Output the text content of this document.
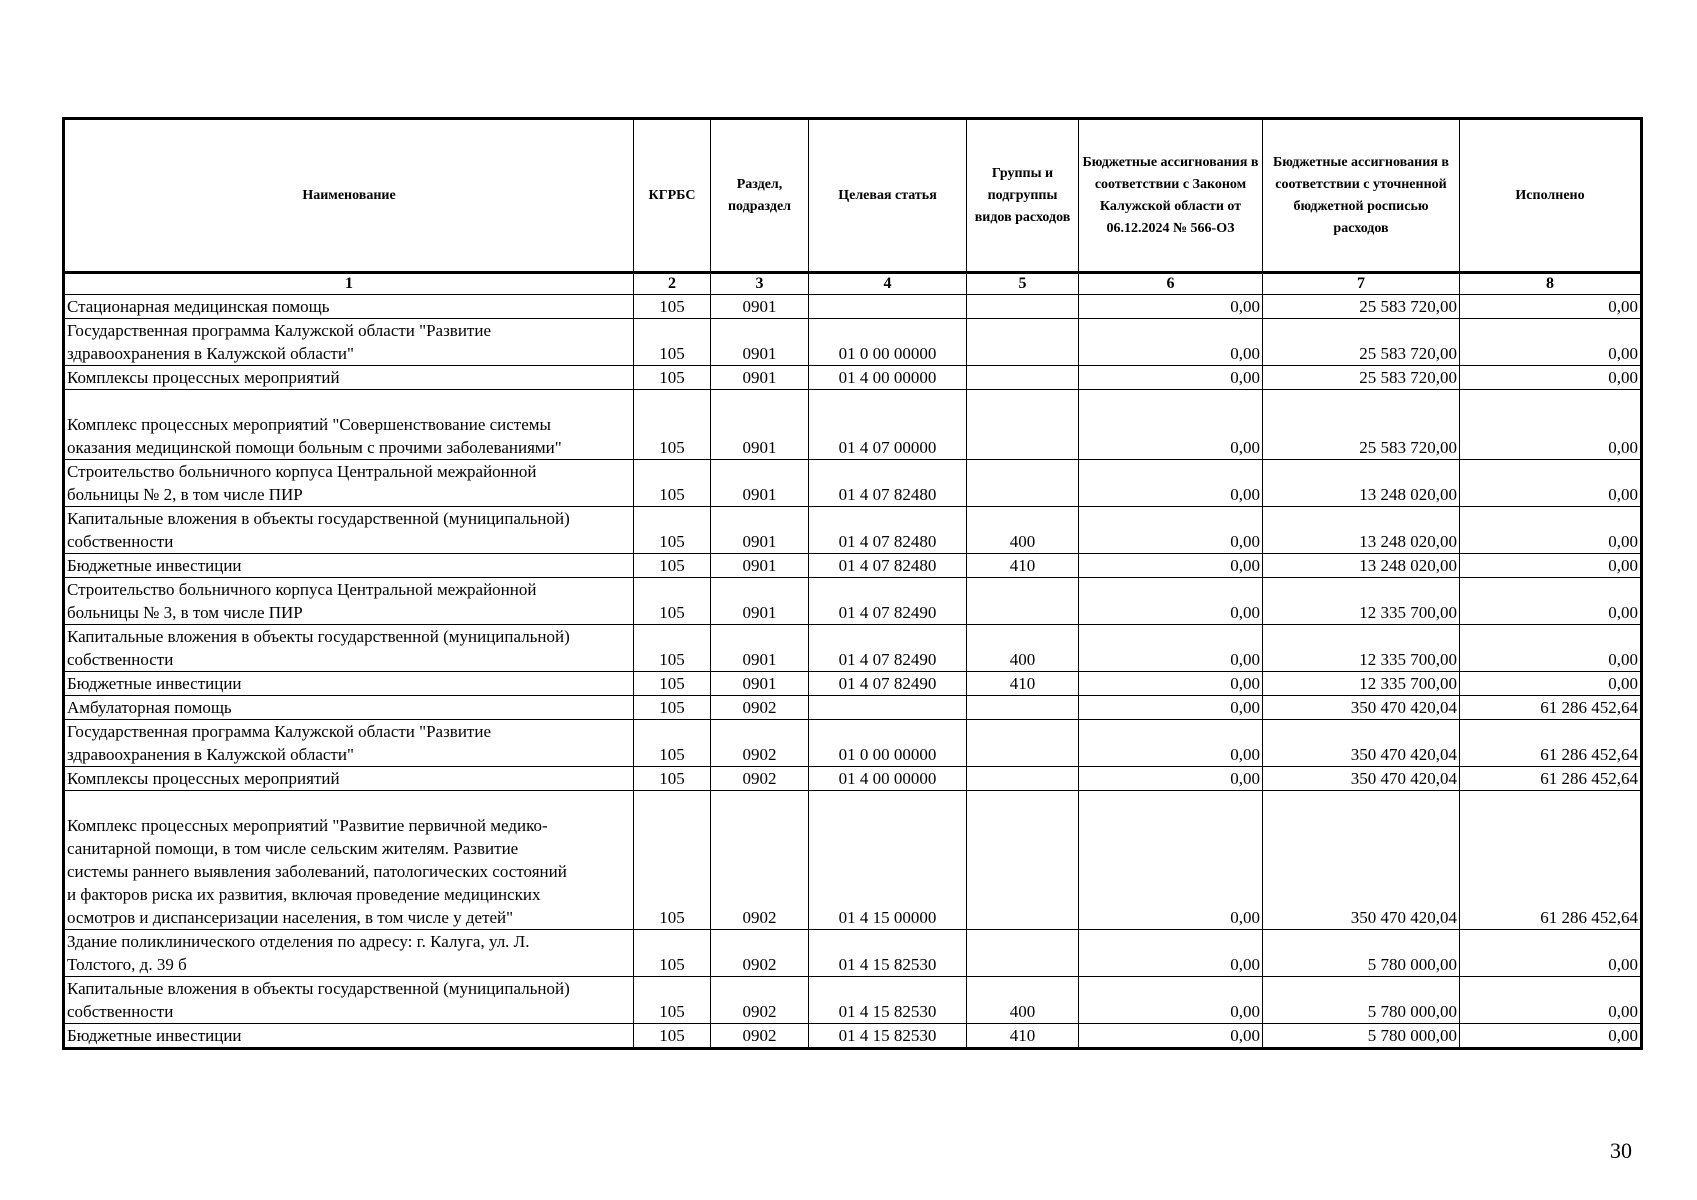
Наименование	КГРБС	Раздел, подраздел	Целевая статья	Группы и подгруппы видов расходов	Бюджетные ассигнования в соответствии с Законом Калужской области от 06.12.2024 № 566-ОЗ	Бюджетные ассигнования в соответствии с уточненной бюджетной росписью расходов	Исполнено
1	2	3	4	5	6	7	8
Стационарная медицинская помощь	105	0901			0,00	25 583 720,00	0,00
Государственная программа Калужской области "Развитие
здравоохранения в Калужской области"	105	0901	01 0 00 00000		0,00	25 583 720,00	0,00
Комплексы процессных мероприятий	105	0901	01 4 00 00000		0,00	25 583 720,00	0,00

Комплекс процессных мероприятий "Совершенствование системы
оказания медицинской помощи больным с прочими заболеваниями"	105	0901	01 4 07 00000		0,00	25 583 720,00	0,00
Строительство больничного корпуса Центральной межрайонной
больницы № 2, в том числе ПИР	105	0901	01 4 07 82480		0,00	13 248 020,00	0,00
Капитальные вложения в объекты государственной (муниципальной)
собственности	105	0901	01 4 07 82480	400	0,00	13 248 020,00	0,00
Бюджетные инвестиции	105	0901	01 4 07 82480	410	0,00	13 248 020,00	0,00
Строительство больничного корпуса Центральной межрайонной
больницы № 3, в том числе ПИР	105	0901	01 4 07 82490		0,00	12 335 700,00	0,00
Капитальные вложения в объекты государственной (муниципальной)
собственности	105	0901	01 4 07 82490	400	0,00	12 335 700,00	0,00
Бюджетные инвестиции	105	0901	01 4 07 82490	410	0,00	12 335 700,00	0,00
Амбулаторная помощь	105	0902			0,00	350 470 420,04	61 286 452,64
Государственная программа Калужской области "Развитие
здравоохранения в Калужской области"	105	0902	01 0 00 00000		0,00	350 470 420,04	61 286 452,64
Комплексы процессных мероприятий	105	0902	01 4 00 00000		0,00	350 470 420,04	61 286 452,64

Комплекс процессных мероприятий "Развитие первичной медико-
санитарной помощи, в том числе сельским жителям. Развитие
системы раннего выявления заболеваний, патологических состояний
и факторов риска их развития, включая проведение медицинских
осмотров и диспансеризации населения, в том числе у детей"	105	0902	01 4 15 00000		0,00	350 470 420,04	61 286 452,64
Здание поликлинического отделения по адресу: г. Калуга, ул. Л.
Толстого, д. 39 б	105	0902	01 4 15 82530		0,00	5 780 000,00	0,00
Капитальные вложения в объекты государственной (муниципальной)
собственности	105	0902	01 4 15 82530	400	0,00	5 780 000,00	0,00
Бюджетные инвестиции	105	0902	01 4 15 82530	410	0,00	5 780 000,00	0,00
30
